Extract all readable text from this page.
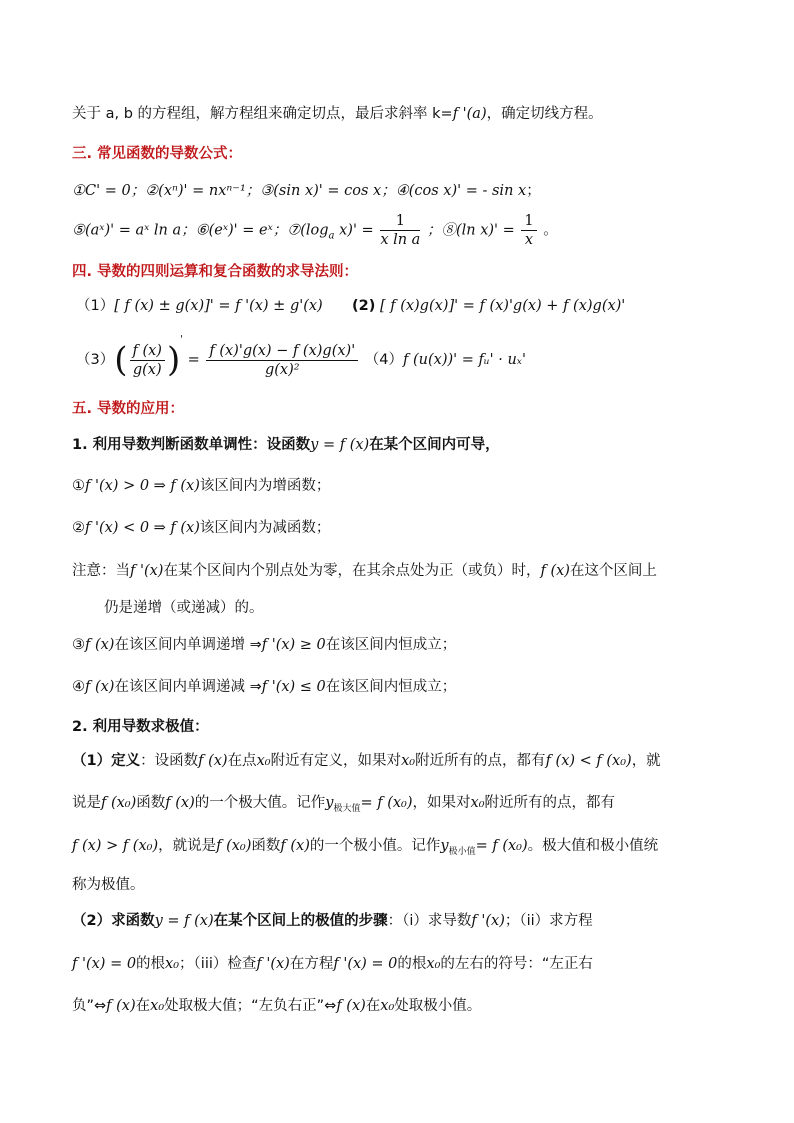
关于 a, b 的方程组，解方程组来确定切点，最后求斜率 k=f '(a)，确定切线方程。
三. 常见函数的导数公式：
①C' = 0；②(xⁿ)' = nxⁿ⁻¹；③(sin x)' = cos x；④(cos x)' = - sin x；
⑤(aˣ)' = aˣ ln a；⑥(eˣ)' = eˣ；$⑦(\log_a$ $x)' = \frac{1}{\text{x ln a}}$ ；⑧(ln $x)' = \frac{1}{x}$ 。
四. 导数的四则运算和复合函数的求导法则：
（1）[ f (x) ± g(x)]' = f '(x) ± g'(x) (2) [ f (x)g(x)]' = f (x)'g(x) + f (x)g(x)'
$(3)( \frac{f (x)}{g(x)} )' = \frac{f (x)'g(x) - f (x)g(x)'}{\text{g(x)²}} (4)f$ (u(x))' = fᵤ' · uₓ'
五. 导数的应用：
1. 利用导数判断函数单调性：设函数y = f (x)在某个区间内可导，
①f '(x) > 0 ⇒ f (x)该区间内为增函数；
②f '(x) < 0 ⇒ f (x)该区间内为减函数；
注意：当f '(x)在某个区间内个别点处为零，在其余点处为正（或负）时，f (x)在这个区间上
仍是递增（或递减）的。
③f (x)在该区间内单调递增 ⇒f '(x) ≥ 0在该区间内恒成立；
④f (x)在该区间内单调递减 ⇒f '(x) ≤ 0在该区间内恒成立；
2. 利用导数求极值：
（1）定义：设函数f (x)在点x₀附近有定义，如果对x₀附近所有的点，都有f (x) < f (x₀)，就
说是f (x₀)函数f (x)的一个极大值。记作$y_{极大值}= f$ (x₀)，如果对x₀附近所有的点，都有
f (x) > f (x₀)，就说是f (x₀)函数f (x)的一个极小值。记作$y_{极小值}= f$ (x₀)。极大值和极小值统
称为极值。
（2）求函数y = f (x)在某个区间上的极值的步骤：（i）求导数f '(x)；（ii）求方程
f '(x) = 0的根x₀；（iii）检查f '(x)在方程f '(x) = 0的根x₀的左右的符号：“左正右
负”⇔f (x)在x₀处取极大值；“左负右正”⇔f (x)在x₀处取极小值。
